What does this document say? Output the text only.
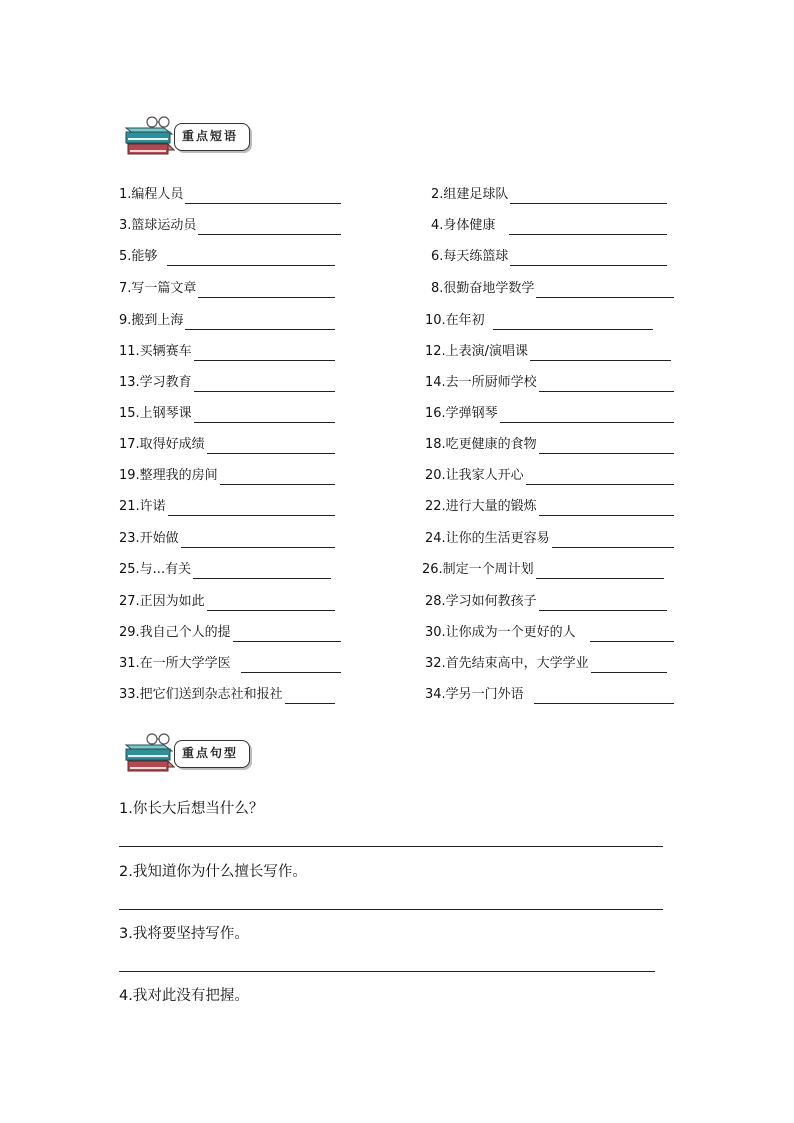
重点短语
1.编程人员
3.篮球运动员
5.能够
7.写一篇文章
9.搬到上海
11.买辆赛车
13.学习教育
15.上钢琴课
17.取得好成绩
19.整理我的房间
21.许诺
23.开始做
25.与...有关
27.正因为如此
29.我自己个人的提
31.在一所大学学医
33.把它们送到杂志社和报社
2.组建足球队
4.身体健康
6.每天练篮球
8.很勤奋地学数学
10.在年初
12.上表演/演唱课
14.去一所厨师学校
16.学弹钢琴
18.吃更健康的食物
20.让我家人开心
22.进行大量的锻炼
24.让你的生活更容易
26.制定一个周计划
28.学习如何教孩子
30.让你成为一个更好的人
32.首先结束高中，大学学业
34.学另一门外语
重点句型
1.你长大后想当什么？
2.我知道你为什么擅长写作。
3.我将要坚持写作。
4.我对此没有把握。
